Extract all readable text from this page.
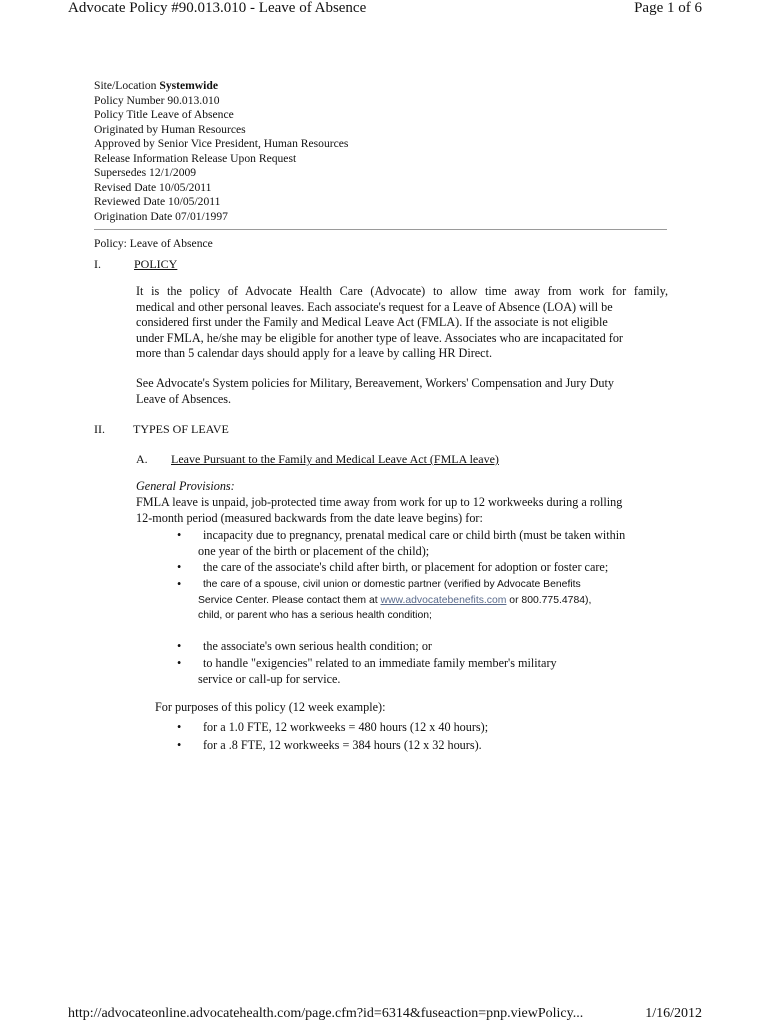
Advocate Policy #90.013.010 - Leave of Absence	Page 1 of 6
Site/Location Systemwide
Policy Number 90.013.010
Policy Title Leave of Absence
Originated by Human Resources
Approved by Senior Vice President, Human Resources
Release Information Release Upon Request
Supersedes 12/1/2009
Revised Date 10/05/2011
Reviewed Date 10/05/2011
Origination Date 07/01/1997
Policy: Leave of Absence
I.	POLICY
It is the policy of Advocate Health Care (Advocate) to allow time away from work for family,
medical and other personal leaves. Each associate's request for a Leave of Absence (LOA) will be
considered first under the Family and Medical Leave Act (FMLA). If the associate is not eligible
under FMLA, he/she may be eligible for another type of leave. Associates who are incapacitated for
more than 5 calendar days should apply for a leave by calling HR Direct.
See Advocate's System policies for Military, Bereavement, Workers' Compensation and Jury Duty
Leave of Absences.
II. TYPES OF LEAVE
A. Leave Pursuant to the Family and Medical Leave Act (FMLA leave)
General Provisions:
FMLA leave is unpaid, job-protected time away from work for up to 12 workweeks during a rolling
12-month period (measured backwards from the date leave begins) for:
• incapacity due to pregnancy, prenatal medical care or child birth (must be taken within
one year of the birth or placement of the child);
• the care of the associate's child after birth, or placement for adoption or foster care;
• the care of a spouse, civil union or domestic partner (verified by Advocate Benefits
Service Center. Please contact them at www.advocatebenefits.com or 800.775.4784),
child, or parent who has a serious health condition;
• the associate's own serious health condition; or
• to handle "exigencies" related to an immediate family member's military
service or call-up for service.
For purposes of this policy (12 week example):
• for a 1.0 FTE, 12 workweeks = 480 hours (12 x 40 hours);
• for a .8 FTE, 12 workweeks = 384 hours (12 x 32 hours).
http://advocateonline.advocatehealth.com/page.cfm?id=6314&fuseaction=pnp.viewPolicy...	1/16/2012
